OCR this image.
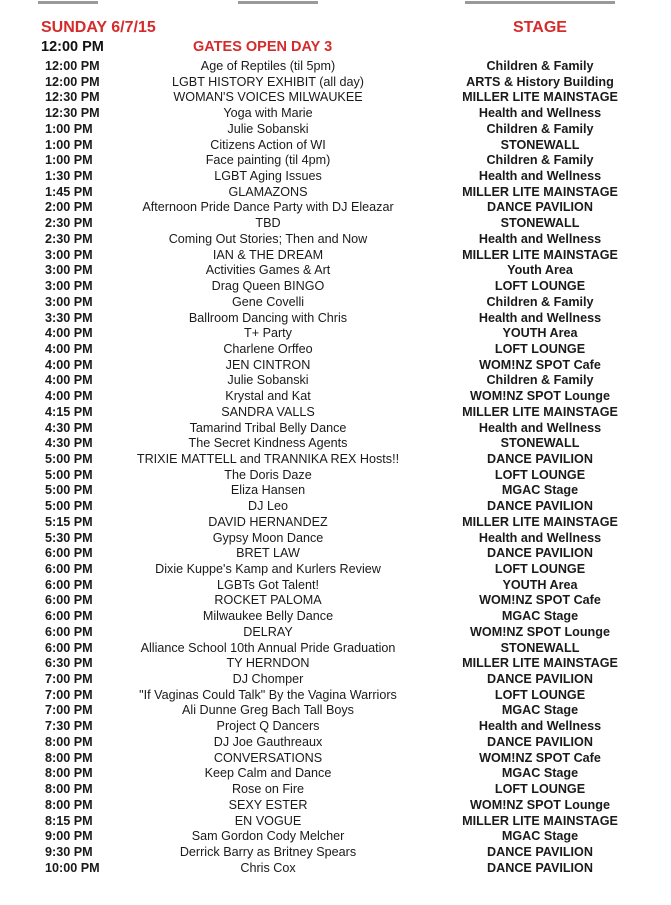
SUNDAY 6/7/15	STAGE
12:00 PM	GATES OPEN DAY 3
12:00 PM	Age of Reptiles (til 5pm)	Children & Family
12:00 PM	LGBT HISTORY EXHIBIT (all day)	ARTS & History Building
12:30 PM	WOMAN'S VOICES MILWAUKEE	MILLER LITE MAINSTAGE
12:30 PM	Yoga with Marie	Health and Wellness
1:00 PM	Julie Sobanski	Children & Family
1:00 PM	Citizens Action of WI	STONEWALL
1:00 PM	Face painting (til 4pm)	Children & Family
1:30 PM	LGBT Aging Issues	Health and Wellness
1:45 PM	GLAMAZONS	MILLER LITE MAINSTAGE
2:00 PM	Afternoon Pride Dance Party with DJ Eleazar	DANCE PAVILION
2:30 PM	TBD	STONEWALL
2:30 PM	Coming Out Stories; Then and Now	Health and Wellness
3:00 PM	IAN & THE DREAM	MILLER LITE MAINSTAGE
3:00 PM	Activities Games & Art	Youth Area
3:00 PM	Drag Queen BINGO	LOFT LOUNGE
3:00 PM	Gene Covelli	Children & Family
3:30 PM	Ballroom Dancing with Chris	Health and Wellness
4:00 PM	T+ Party	YOUTH Area
4:00 PM	Charlene Orffeo	LOFT LOUNGE
4:00 PM	JEN CINTRON	WOM!NZ SPOT Cafe
4:00 PM	Julie Sobanski	Children & Family
4:00 PM	Krystal and Kat	WOM!NZ SPOT Lounge
4:15 PM	SANDRA VALLS	MILLER LITE MAINSTAGE
4:30 PM	Tamarind Tribal Belly Dance	Health and Wellness
4:30 PM	The Secret Kindness Agents	STONEWALL
5:00 PM	TRIXIE MATTELL and TRANNIKA REX Hosts!!	DANCE PAVILION
5:00 PM	The Doris Daze	LOFT LOUNGE
5:00 PM	Eliza Hansen	MGAC Stage
5:00 PM	DJ Leo	DANCE PAVILION
5:15 PM	DAVID HERNANDEZ	MILLER LITE MAINSTAGE
5:30 PM	Gypsy Moon Dance	Health and Wellness
6:00 PM	BRET LAW	DANCE PAVILION
6:00 PM	Dixie Kuppe's Kamp and Kurlers Review	LOFT LOUNGE
6:00 PM	LGBTs Got Talent!	YOUTH Area
6:00 PM	ROCKET PALOMA	WOM!NZ SPOT Cafe
6:00 PM	Milwaukee Belly Dance	MGAC Stage
6:00 PM	DELRAY	WOM!NZ SPOT Lounge
6:00 PM	Alliance School 10th Annual Pride Graduation	STONEWALL
6:30 PM	TY HERNDON	MILLER LITE MAINSTAGE
7:00 PM	DJ Chomper	DANCE PAVILION
7:00 PM	"If Vaginas Could Talk" By the Vagina Warriors	LOFT LOUNGE
7:00 PM	Ali Dunne Greg Bach Tall Boys	MGAC Stage
7:30 PM	Project Q Dancers	Health and Wellness
8:00 PM	DJ Joe Gauthreaux	DANCE PAVILION
8:00 PM	CONVERSATIONS	WOM!NZ SPOT Cafe
8:00 PM	Keep Calm and Dance	MGAC Stage
8:00 PM	Rose on Fire	LOFT LOUNGE
8:00 PM	SEXY ESTER	WOM!NZ SPOT Lounge
8:15 PM	EN VOGUE	MILLER LITE MAINSTAGE
9:00 PM	Sam Gordon Cody Melcher	MGAC Stage
9:30 PM	Derrick Barry as Britney Spears	DANCE PAVILION
10:00 PM	Chris Cox	DANCE PAVILION
